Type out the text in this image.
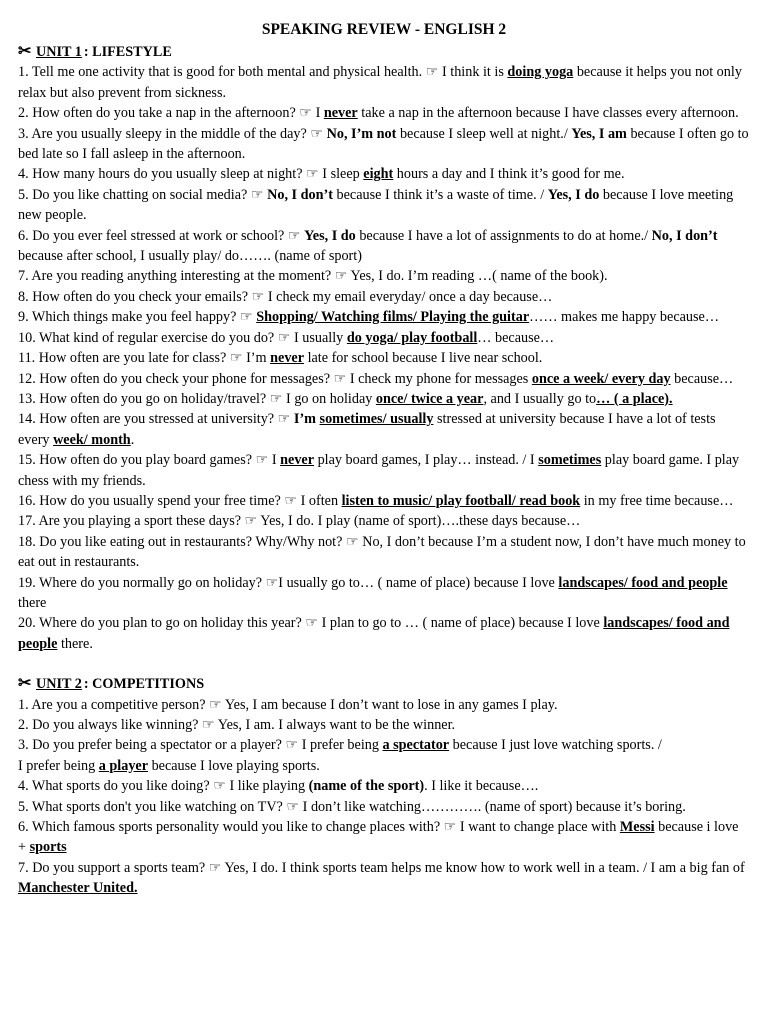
SPEAKING REVIEW - ENGLISH 2
✂ UNIT 1 : LIFESTYLE

1. Tell me one activity that is good for both mental and physical health. ☞ I think it is doing yoga because it helps you not only relax but also prevent from sickness.

2. How often do you take a nap in the afternoon? ☞ I never take a nap in the afternoon because I have classes every afternoon.

3. Are you usually sleepy in the middle of the day? ☞ No, I’m not because I sleep well at night./ Yes, I am because I often go to bed late so I fall asleep in the afternoon.

4. How many hours do you usually sleep at night? ☞ I sleep eight hours a day and I think it’s good for me.

5. Do you like chatting on social media? ☞ No, I don’t because I think it’s a waste of time. / Yes, I do because I love meeting new people.

6. Do you ever feel stressed at work or school? ☞ Yes, I do because I have a lot of assignments to do at home./ No, I don’t because after school, I usually play/ do……. (name of sport)

7. Are you reading anything interesting at the moment? ☞ Yes, I do. I’m reading …( name of the book).

8. How often do you check your emails? ☞ I check my email everyday/ once a day because…

9. Which things make you feel happy? ☞ Shopping/ Watching films/ Playing the guitar…… makes me happy because…

10. What kind of regular exercise do you do? ☞ I usually do yoga/ play football… because…

11. How often are you late for class? ☞ I’m never late for school because I live near school.

12. How often do you check your phone for messages? ☞ I check my phone for messages once a week/ every day because…

13. How often do you go on holiday/travel? ☞ I go on holiday once/ twice a year, and I usually go to… ( a place).

14. How often are you stressed at university? ☞ I’m sometimes/ usually stressed at university because I have a lot of tests every week/ month.

15. How often do you play board games? ☞ I never play board games, I play… instead. / I sometimes play board game. I play chess with my friends.

16. How do you usually spend your free time? ☞ I often listen to music/ play football/ read book in my free time because…

17. Are you playing a sport these days? ☞ Yes, I do. I play (name of sport)….these days because…

18. Do you like eating out in restaurants? Why/Why not? ☞ No, I don’t because I’m a student now, I don’t have much money to eat out in restaurants.

19. Where do you normally go on holiday? ☞I usually go to… ( name of place) because I love landscapes/ food and people there

20. Where do you plan to go on holiday this year? ☞ I plan to go to … ( name of place) because I love landscapes/ food and people there.

✂ UNIT 2 : COMPETITIONS

1. Are you a competitive person? ☞ Yes, I am because I don’t want to lose in any games I play.

2. Do you always like winning? ☞ Yes, I am. I always want to be the winner.

3. Do you prefer being a spectator or a player? ☞ I prefer being a spectator because I just love watching sports. /
I prefer being a player because I love playing sports.

4. What sports do you like doing? ☞ I like playing (name of the sport). I like it because….

5. What sports don't you like watching on TV? ☞ I don’t like watching…………. (name of sport) because it’s boring.

6. Which famous sports personality would you like to change places with? ☞ I want to change place with Messi because i love + sports

7. Do you support a sports team? ☞ Yes, I do. I think sports team helps me know how to work well in a team. / I am a big fan of Manchester United.
